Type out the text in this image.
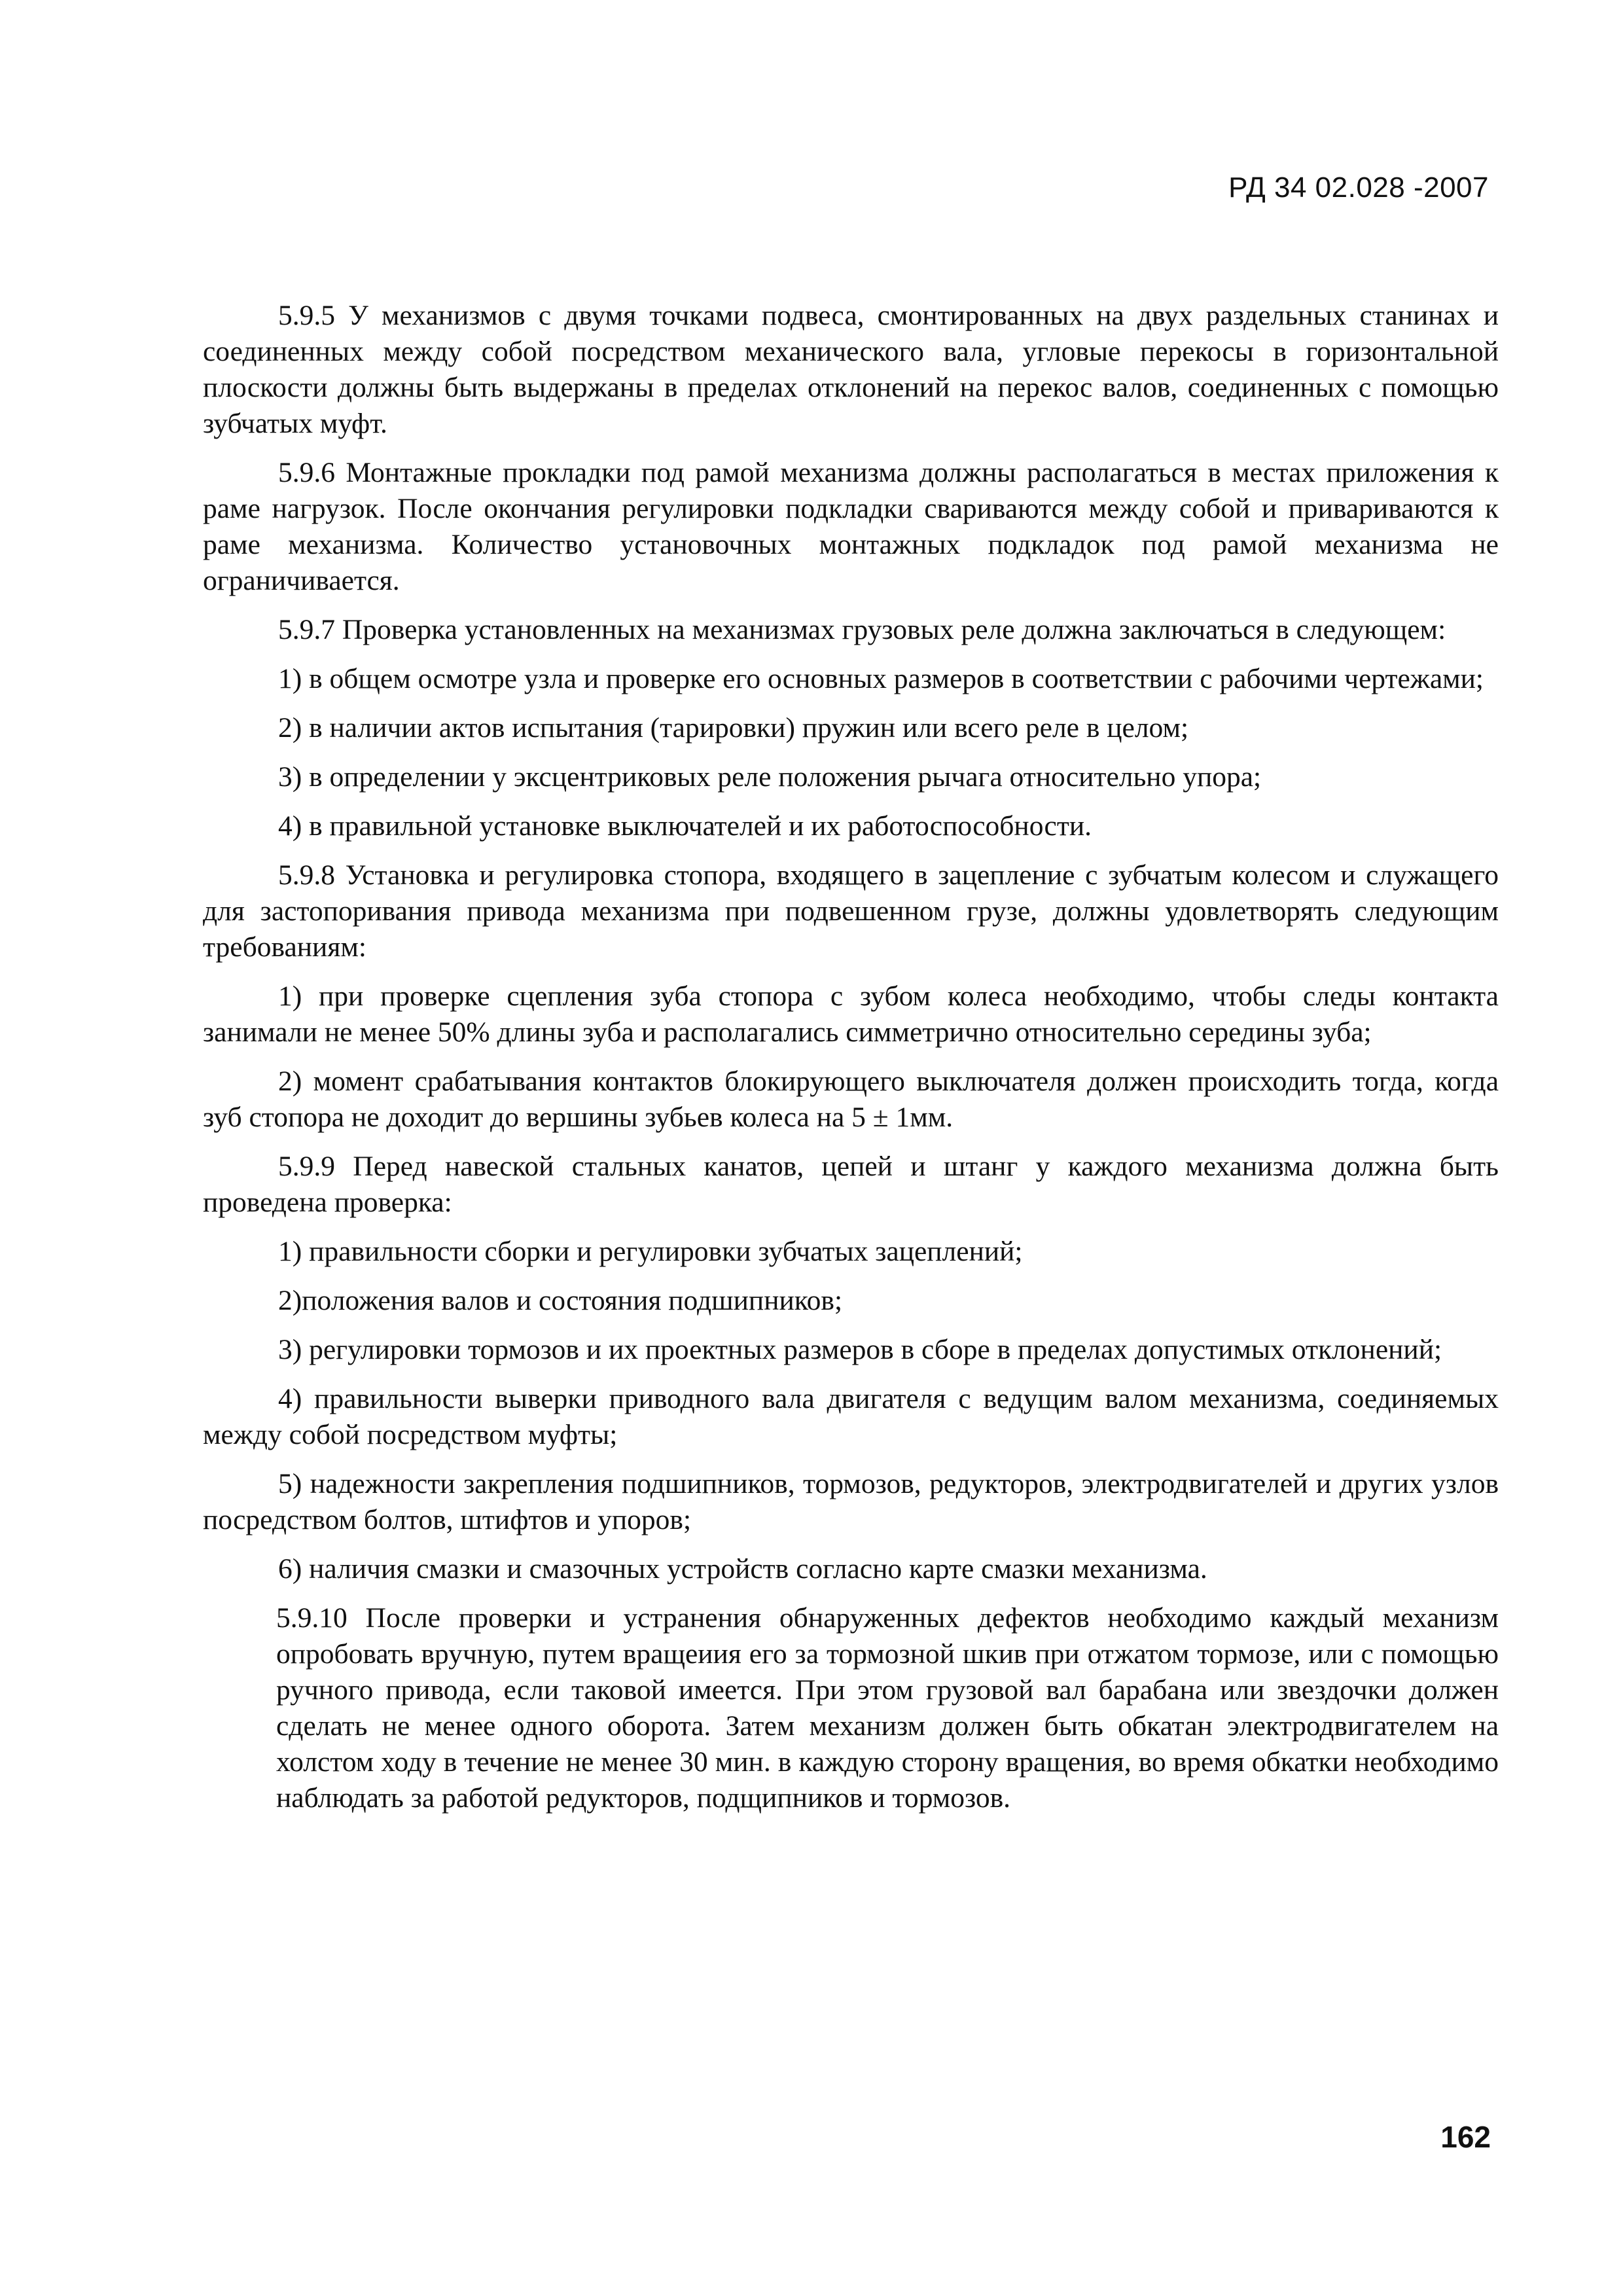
РД 34 02.028 -2007

5.9.5 У механизмов с двумя точками подвеса, смонтированных на двух раздельных станинах и соединенных между собой посредством механического вала, угловые перекосы в горизонтальной плоскости должны быть выдержаны в пределах отклонений на перекос валов, соединенных с помощью зубчатых муфт.

5.9.6 Монтажные прокладки под рамой механизма должны располагаться в местах приложения к раме нагрузок. После окончания регулировки подкладки свариваются между собой и привариваются к раме механизма. Количество установочных монтажных подкладок под рамой механизма не ограничивается.

5.9.7 Проверка установленных на механизмах грузовых реле должна заключаться в следующем:

1) в общем осмотре узла и проверке его основных размеров в соответствии с рабочими чертежами;

2) в наличии актов испытания (тарировки) пружин или всего реле в целом;

3) в определении у эксцентриковых реле положения рычага относительно упора;

4) в правильной установке выключателей и их работоспособности.

5.9.8 Установка и регулировка стопора, входящего в зацепление с зубчатым колесом и служащего для застопоривания привода механизма при подвешенном грузе, должны удовлетворять следующим требованиям:

1) при проверке сцепления зуба стопора с зубом колеса необходимо, чтобы следы контакта занимали не менее 50% длины зуба и располагались симметрично относительно середины зуба;

2) момент срабатывания контактов блокирующего выключателя должен происходить тогда, когда зуб стопора не доходит до вершины зубьев колеса на 5 ± 1мм.

5.9.9 Перед навеской стальных канатов, цепей и штанг у каждого механизма должна быть проведена проверка:

1) правильности сборки и регулировки зубчатых зацеплений;

2)положения валов и состояния подшипников;

3) регулировки тормозов и их проектных размеров в сборе в пределах допустимых отклонений;

4) правильности выверки приводного вала двигателя с ведущим валом механизма, соединяемых между собой посредством муфты;

5) надежности закрепления подшипников, тормозов, редукторов, электродвигателей и других узлов посредством болтов, штифтов и упоров;

6) наличия смазки и смазочных устройств согласно карте смазки механизма.

5.9.10 После проверки и устранения обнаруженных дефектов необходимо каждый механизм опробовать вручную, путем вращеиия его за тормозной шкив при отжатом тормозе, или с помощью ручного привода, если таковой имеется. При этом грузовой вал барабана или звездочки должен сделать не менее одного оборота. Затем механизм должен быть обкатан электродвигателем на холстом ходу в течение не менее 30 мин. в каждую сторону вращения, во время обкатки необходимо наблюдать за работой редукторов, подщипников и тормозов.

162
